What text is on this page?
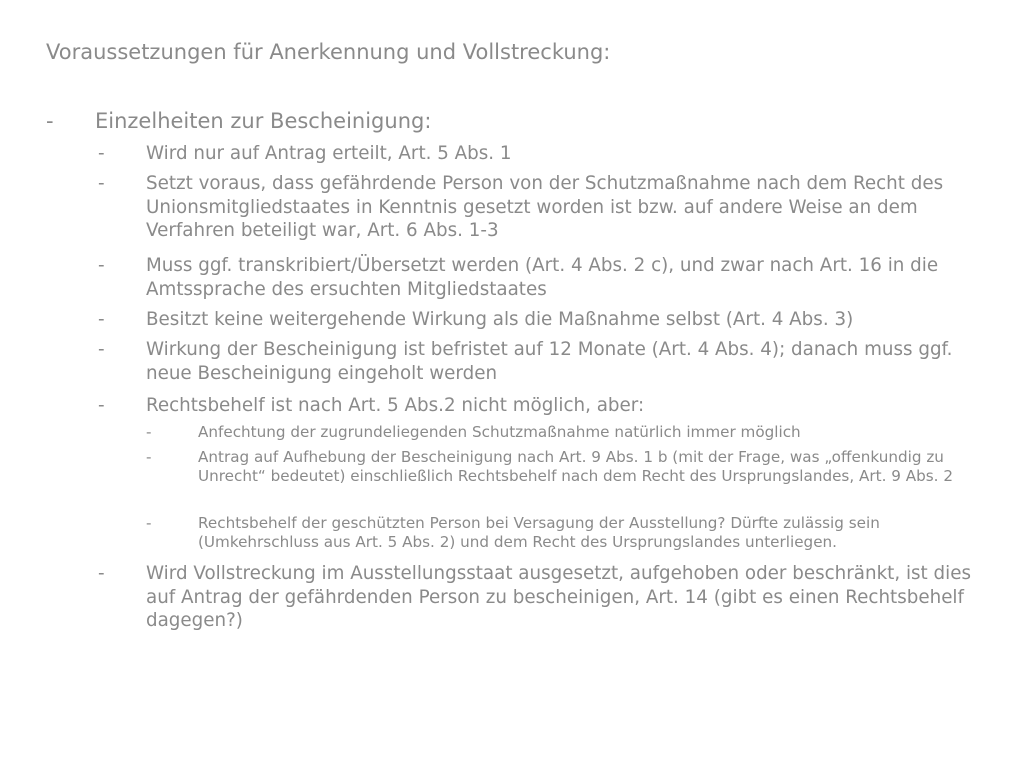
Voraussetzungen für Anerkennung und Vollstreckung:
- Einzelheiten zur Bescheinigung:
- Wird nur auf Antrag erteilt, Art. 5 Abs. 1
- Setzt voraus, dass gefährdende Person von der Schutzmaßnahme nach dem Recht des Unionsmitgliedstaates in Kenntnis gesetzt worden ist bzw. auf andere Weise an dem Verfahren beteiligt war, Art. 6 Abs. 1-3
- Muss ggf. transkribiert/Übersetzt werden (Art. 4 Abs. 2 c), und zwar nach Art. 16 in die Amtssprache des ersuchten Mitgliedstaates
- Besitzt keine weitergehende Wirkung als die Maßnahme selbst (Art. 4 Abs. 3)
- Wirkung der Bescheinigung ist befristet auf 12 Monate (Art. 4 Abs. 4); danach muss ggf. neue Bescheinigung eingeholt werden
- Rechtsbehelf ist nach Art. 5 Abs.2 nicht möglich, aber:
-	Anfechtung der zugrundeliegenden Schutzmaßnahme natürlich immer möglich
-	Antrag auf Aufhebung der Bescheinigung nach Art. 9 Abs. 1 b (mit der Frage, was „offenkundig zu Unrecht“ bedeutet) einschließlich Rechtsbehelf nach dem Recht des Ursprungslandes, Art. 9 Abs. 2
-	Rechtsbehelf der geschützten Person bei Versagung der Ausstellung? Dürfte zulässig sein (Umkehrschluss aus Art. 5 Abs. 2) und dem Recht des Ursprungslandes unterliegen.
- Wird Vollstreckung im Ausstellungsstaat ausgesetzt, aufgehoben oder beschränkt, ist dies auf Antrag der gefährdenden Person zu bescheinigen, Art. 14 (gibt es einen Rechtsbehelf dagegen?)
